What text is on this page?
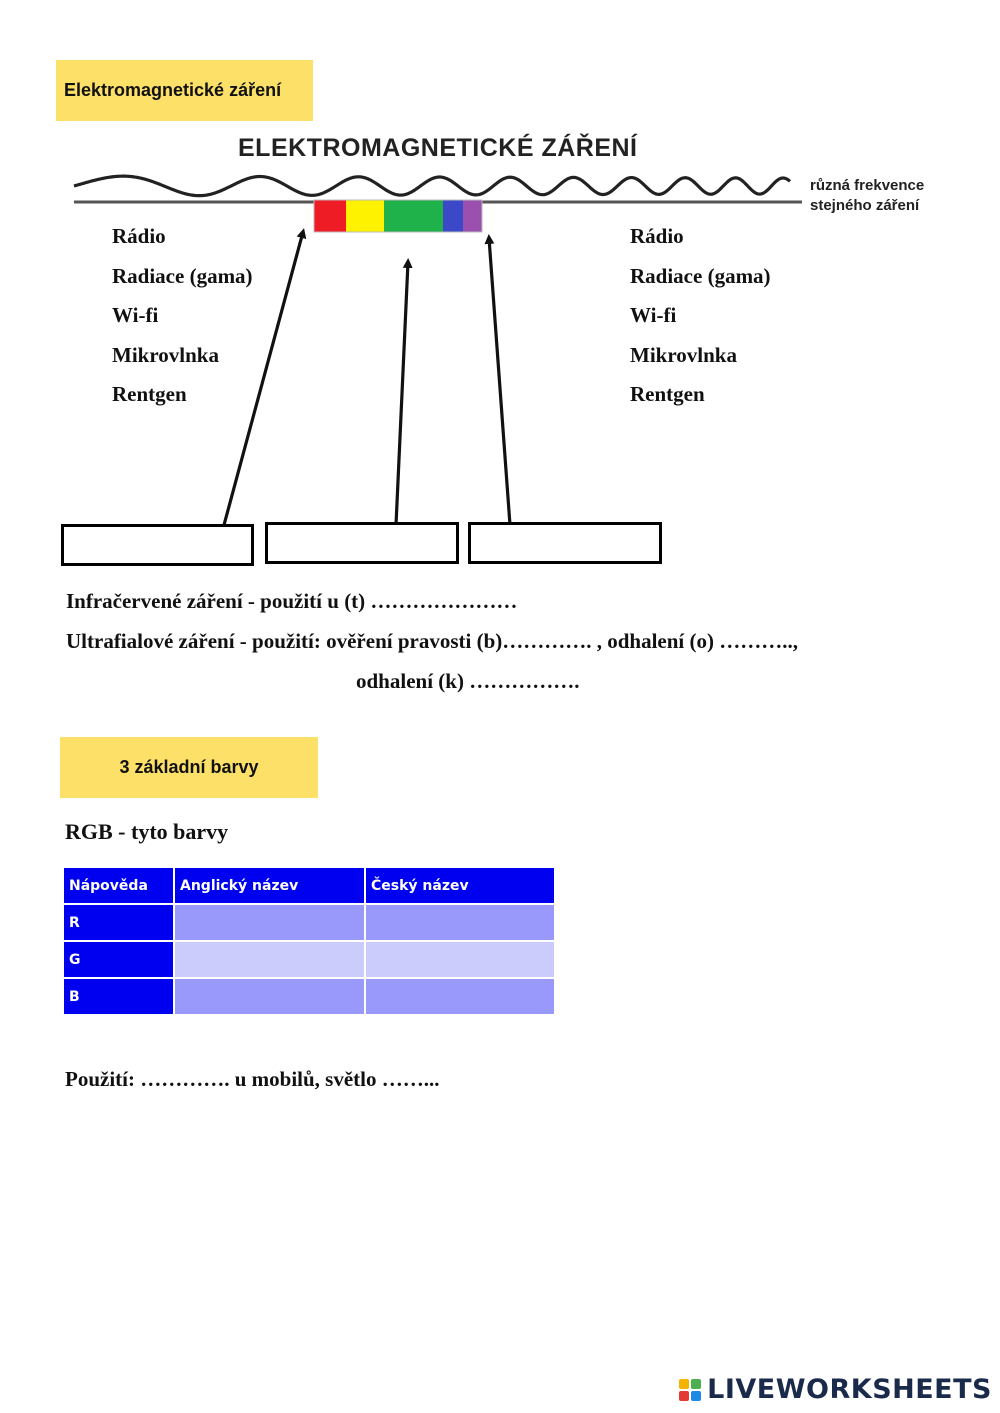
Elektromagnetické záření
ELEKTROMAGNETICKÉ ZÁŘENÍ
různá frekvence
stejného záření
Rádio
Radiace (gama)
Wi-fi
Mikrovlnka
Rentgen
Rádio
Radiace (gama)
Wi-fi
Mikrovlnka
Rentgen
Infračervené záření - použití u (t) …………………
Ultrafialové záření - použití: ověření pravosti (b)…………. , odhalení (o) ………..,
odhalení (k) …………….
3 základní barvy
RGB - tyto barvy
Nápověda	Anglický název	Český název
R		
G		
B		
Použití: …………. u mobilů, světlo ……...
LIVEWORKSHEETS
